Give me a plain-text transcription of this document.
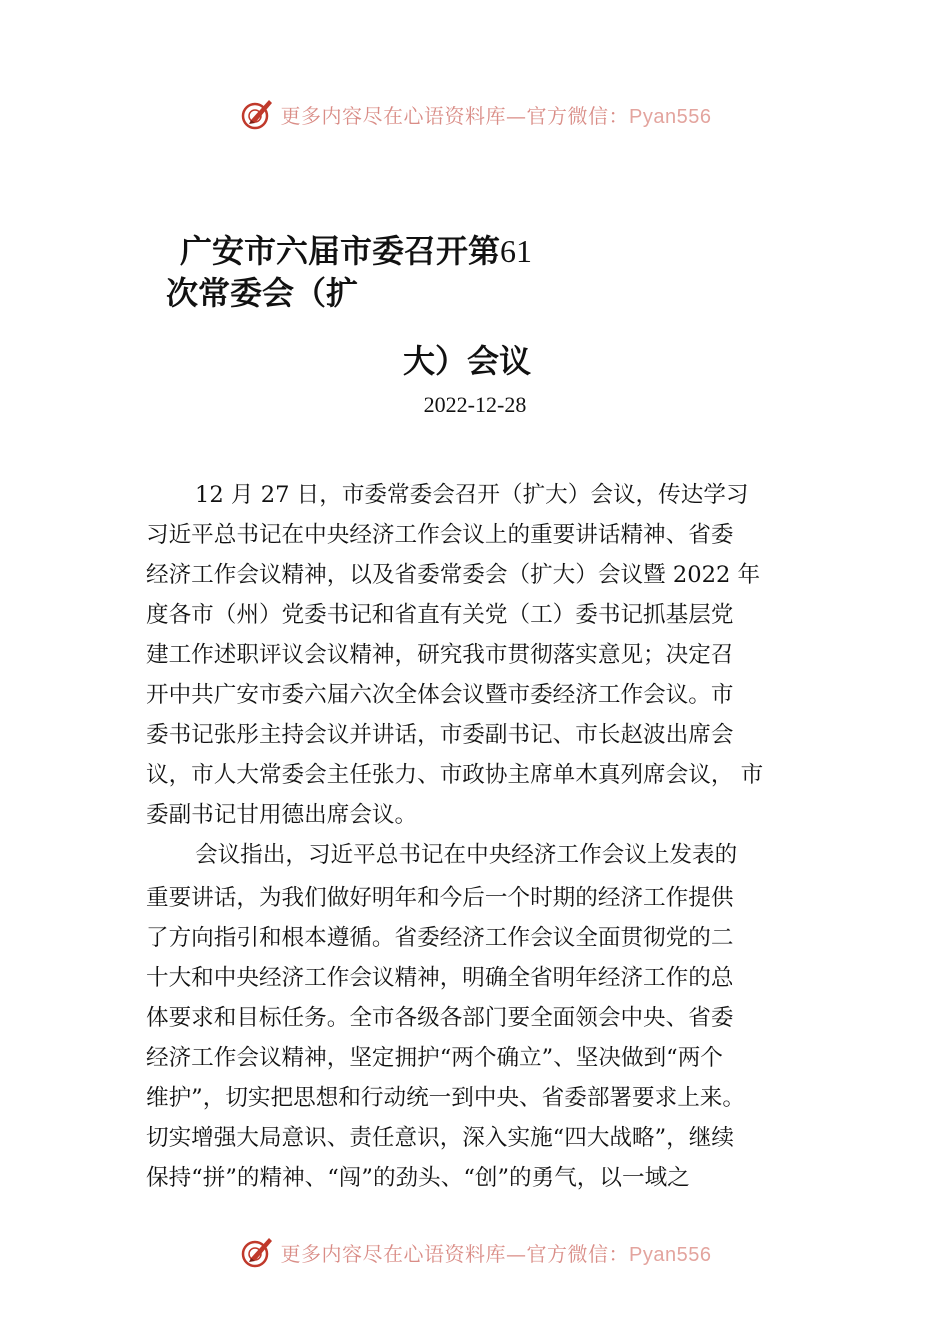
更多内容尽在心语资料库—官方微信：Pyan556
广安市六届市委召开第61
次常委会（扩
大）会议
2022-12-28
12 月 27 日，市委常委会召开（扩大）会议，传达学习
习近平总书记在中央经济工作会议上的重要讲话精神、省委
经济工作会议精神，以及省委常委会（扩大）会议暨 2022 年
度各市（州）党委书记和省直有关党（工）委书记抓基层党
建工作述职评议会议精神，研究我市贯彻落实意见；决定召
开中共广安市委六届六次全体会议暨市委经济工作会议。市
委书记张彤主持会议并讲话，市委副书记、市长赵波出席会
议，市人大常委会主任张力、市政协主席单木真列席会议， 市
委副书记甘用德出席会议。
会议指出，习近平总书记在中央经济工作会议上发表的
重要讲话，为我们做好明年和今后一个时期的经济工作提供
了方向指引和根本遵循。省委经济工作会议全面贯彻党的二
十大和中央经济工作会议精神，明确全省明年经济工作的总
体要求和目标任务。全市各级各部门要全面领会中央、省委
经济工作会议精神，坚定拥护“两个确立”、坚决做到“两个
维护”，切实把思想和行动统一到中央、省委部署要求上来。
切实增强大局意识、责任意识，深入实施“四大战略”，继续
保持“拼”的精神、“闯”的劲头、“创”的勇气，以一域之
更多内容尽在心语资料库—官方微信：Pyan556
